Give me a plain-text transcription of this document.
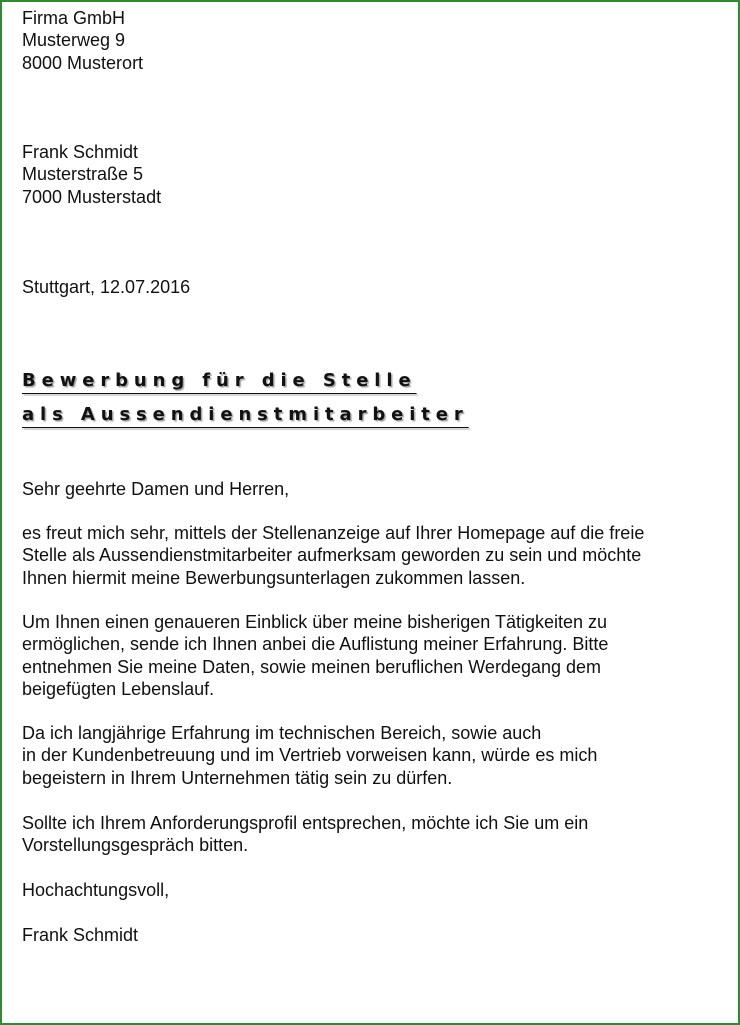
Firma GmbH

Musterweg 9

8000 Musterort

Frank Schmidt

Musterstraße 5

7000 Musterstadt

Stuttgart, 12.07.2016
Bewerbung für die Stelle
als Aussendienstmitarbeiter
Sehr geehrte Damen und Herren,

es freut mich sehr, mittels der Stellenanzeige auf Ihrer Homepage auf die freie

Stelle als Aussendienstmitarbeiter aufmerksam geworden zu sein und möchte

Ihnen hiermit meine Bewerbungsunterlagen zukommen lassen.

Um Ihnen einen genaueren Einblick über meine bisherigen Tätigkeiten zu

ermöglichen, sende ich Ihnen anbei die Auflistung meiner Erfahrung. Bitte

entnehmen Sie meine Daten, sowie meinen beruflichen Werdegang dem

beigefügten Lebenslauf.

Da ich langjährige Erfahrung im technischen Bereich, sowie auch

in der Kundenbetreuung und im Vertrieb vorweisen kann, würde es mich

begeistern in Ihrem Unternehmen tätig sein zu dürfen.

Sollte ich Ihrem Anforderungsprofil entsprechen, möchte ich Sie um ein

Vorstellungsgespräch bitten.

Hochachtungsvoll,
Frank Schmidt
